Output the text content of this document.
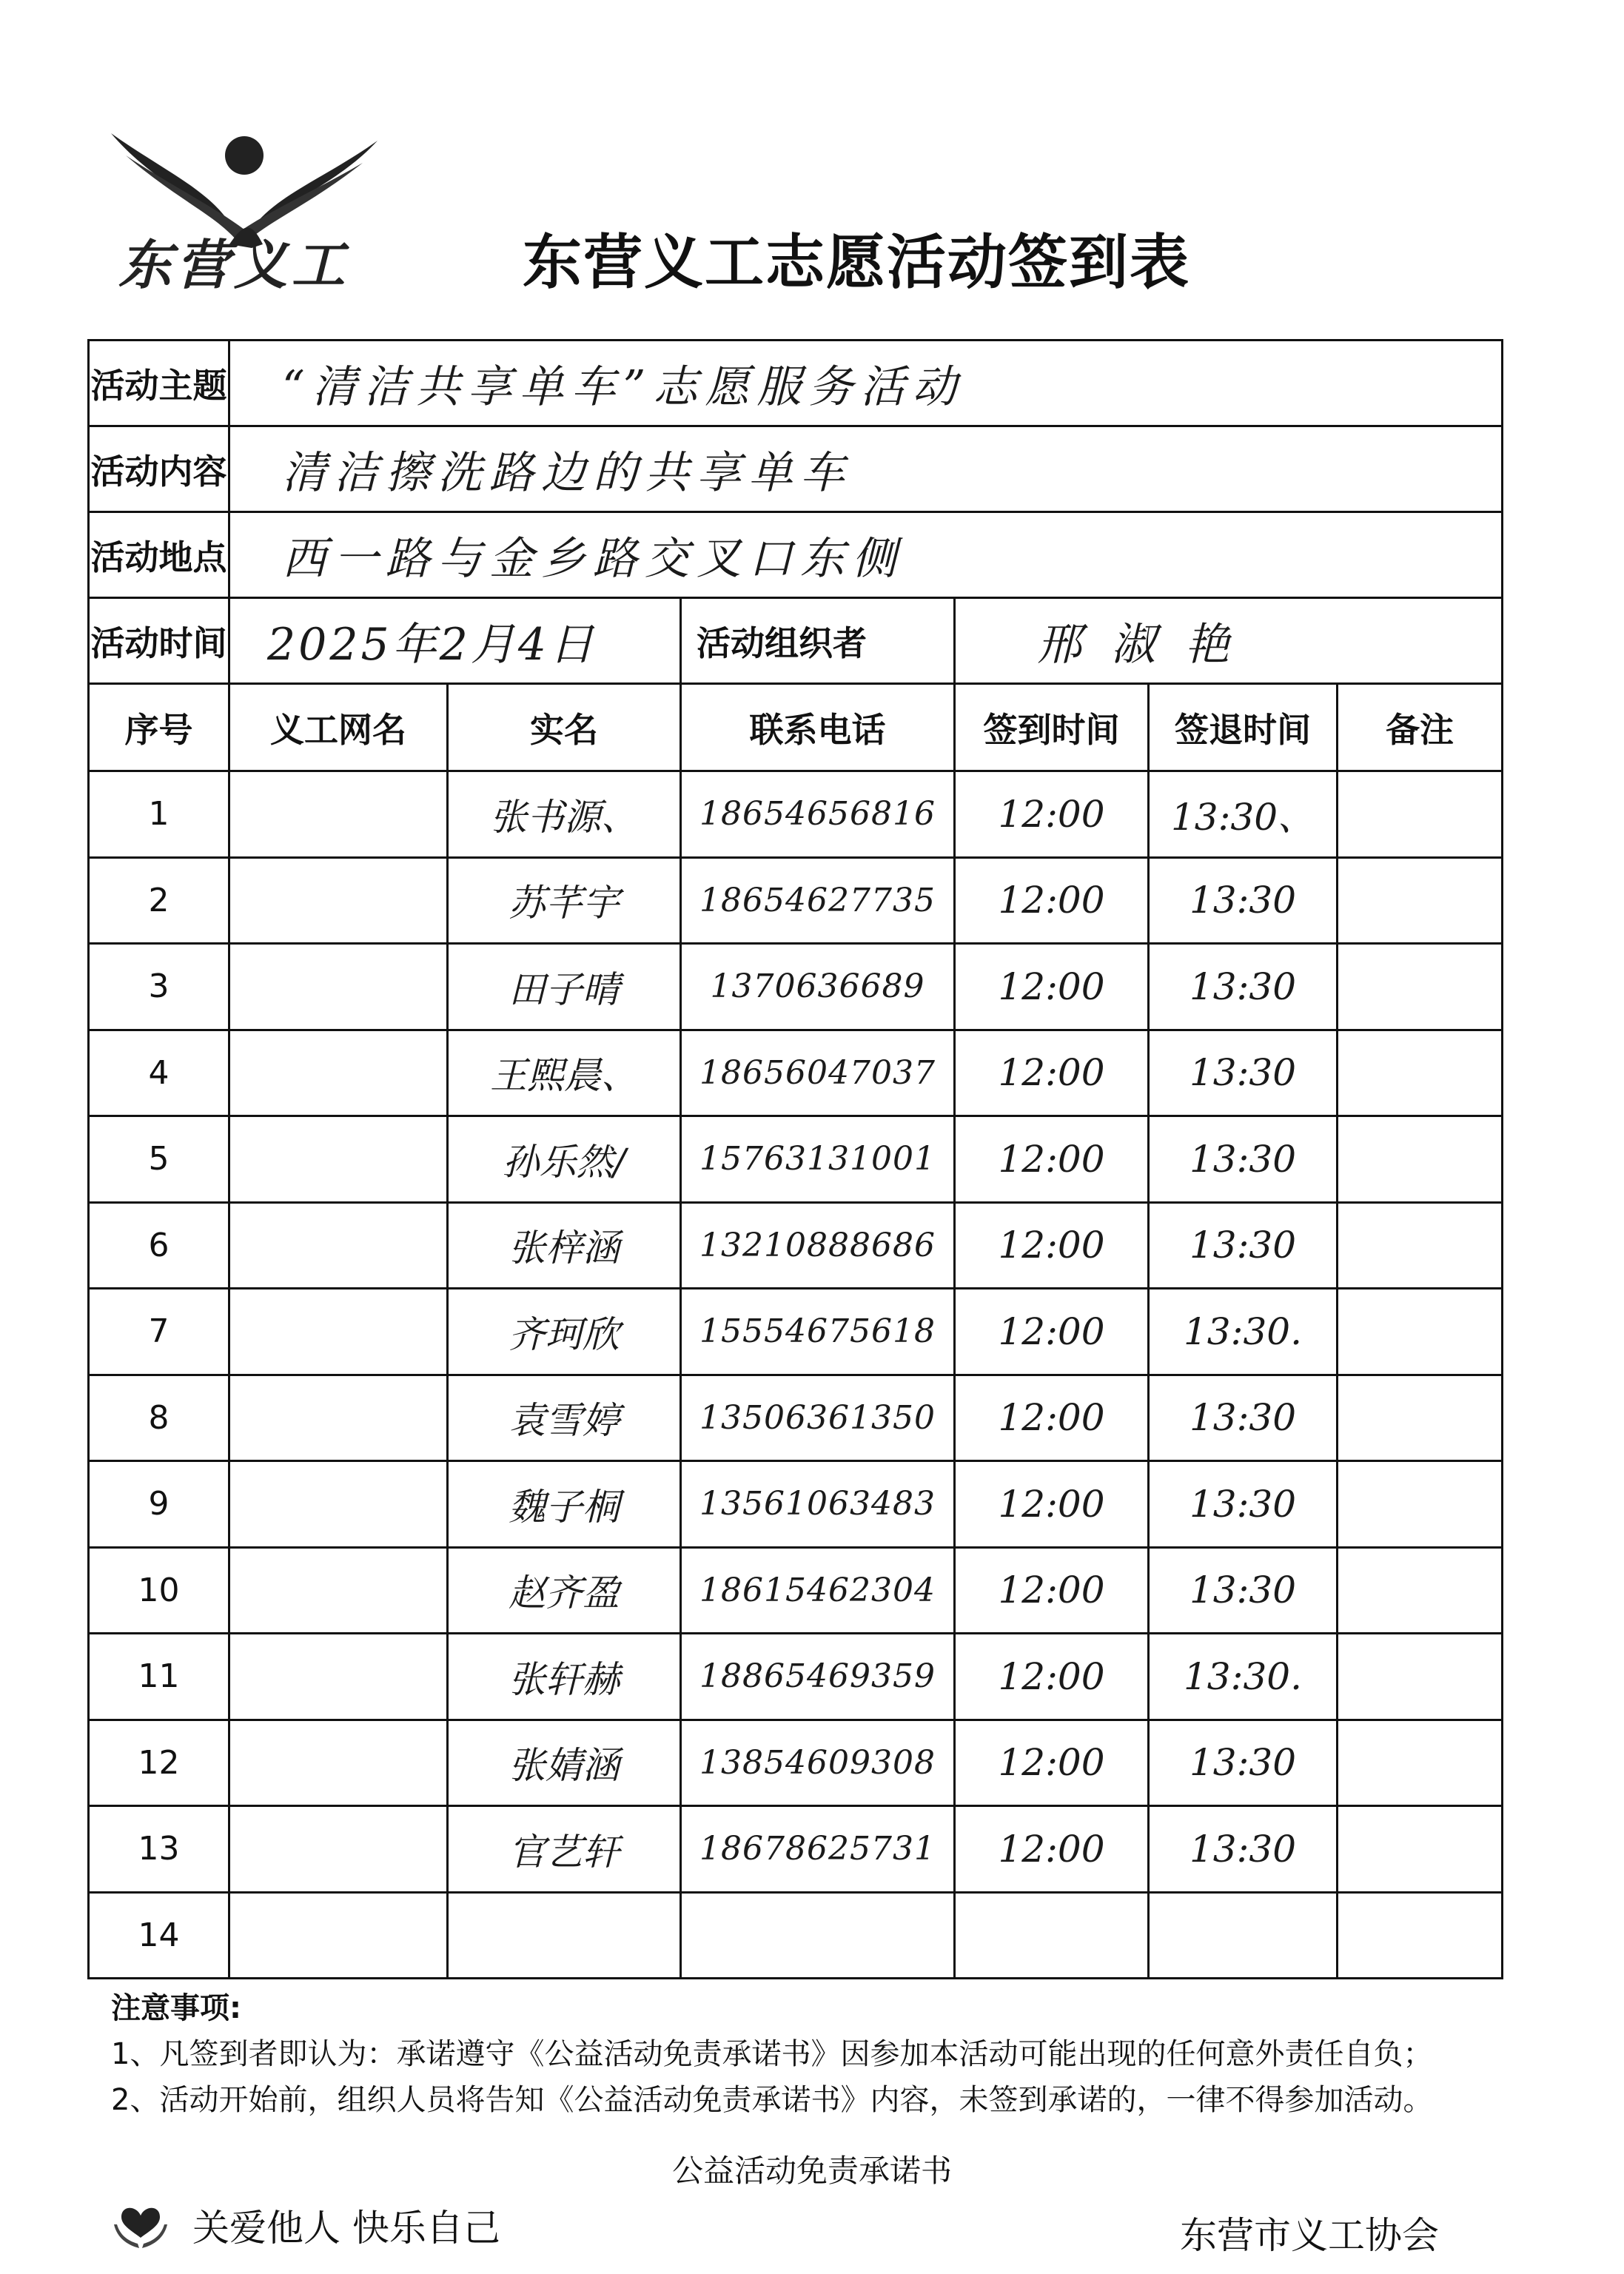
东营义工	东营义工志愿活动签到表
活动主题	“清洁共享单车”志愿服务活动					
活动内容	清洁擦洗路边的共享单车					
活动地点	西一路与金乡路交叉口东侧					
活动时间	2025年2月4日		活动组织者	邢淑艳		
序号	义工网名	实名	联系电话	签到时间	签退时间	备注
1		张书源、	18654656816	12:00	13:30、	
2		苏芊宇	18654627735	12:00	13:30	
3		田子晴	1370636689	12:00	13:30	
4		王熙晨、	18656047037	12:00	13:30	
5		孙乐然/	15763131001	12:00	13:30	
6		张梓涵	13210888686	12:00	13:30	
7		齐珂欣	15554675618	12:00	13:30.	
8		袁雪婷	13506361350	12:00	13:30	
9		魏子桐	13561063483	12:00	13:30	
10		赵齐盈	18615462304	12:00	13:30	
11		张轩赫	18865469359	12:00	13:30.	
12		张婧涵	13854609308	12:00	13:30	
13		官艺轩	18678625731	12:00	13:30	
14						
注意事项:
1、凡签到者即认为：承诺遵守《公益活动免责承诺书》因参加本活动可能出现的任何意外责任自负；
2、活动开始前，组织人员将告知《公益活动免责承诺书》内容，未签到承诺的，一律不得参加活动。
公益活动免责承诺书
关爱他人 快乐自己	东营市义工协会
